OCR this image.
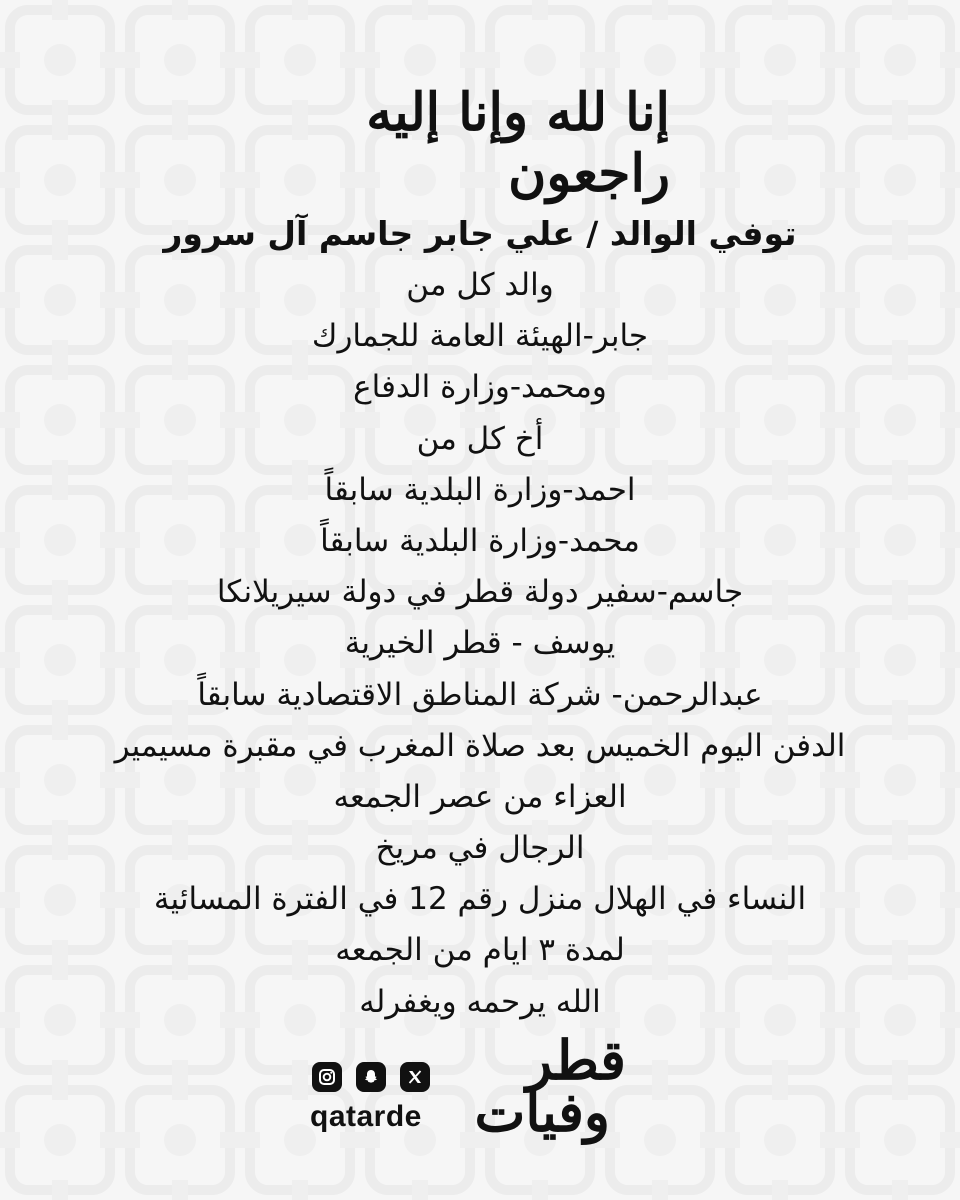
إنا لله وإنا إليه راجعون
توفي الوالد / علي جابر جاسم آل سرور
والد كل من
جابر-الهيئة العامة للجمارك
ومحمد-وزارة الدفاع
أخ كل من
احمد-وزارة البلدية سابقاً
محمد-وزارة البلدية سابقاً
جاسم-سفير دولة قطر في دولة سيريلانكا
يوسف - قطر الخيرية
عبدالرحمن- شركة المناطق الاقتصادية سابقاً
الدفن اليوم الخميس بعد صلاة المغرب في مقبرة مسيمير
العزاء من عصر الجمعه
الرجال في مريخ
النساء في الهلال منزل رقم 12 في الفترة المسائية
لمدة ٣ ايام من الجمعه
الله يرحمه ويغفرله
qatarde
قطر
وفيات
